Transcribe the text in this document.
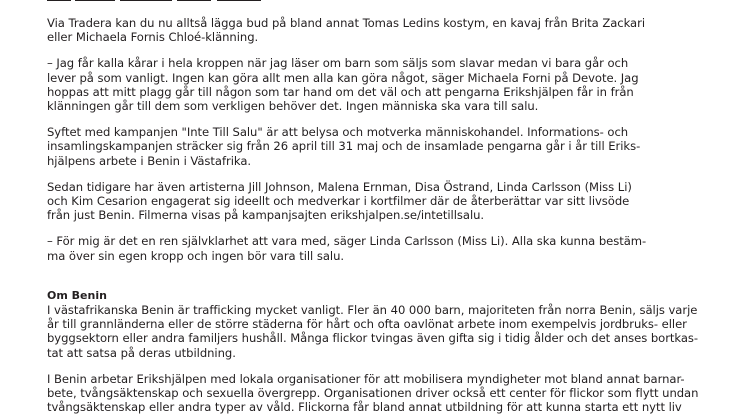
Via Tradera kan du nu alltså lägga bud på bland annat Tomas Ledins kostym, en kavaj från Brita Zackari
eller Michaela Fornis Chloé-klänning.

– Jag får kalla kårar i hela kroppen när jag läser om barn som säljs som slavar medan vi bara går och
lever på som vanligt. Ingen kan göra allt men alla kan göra något, säger Michaela Forni på Devote. Jag
hoppas att mitt plagg går till någon som tar hand om det väl och att pengarna Erikshjälpen får in från
klänningen går till dem som verkligen behöver det. Ingen människa ska vara till salu.

Syftet med kampanjen "Inte Till Salu" är att belysa och motverka människohandel. Informations- och
insamlingskampanjen sträcker sig från 26 april till 31 maj och de insamlade pengarna går i år till Eriks-
hjälpens arbete i Benin i Västafrika.

Sedan tidigare har även artisterna Jill Johnson, Malena Ernman, Disa Östrand, Linda Carlsson (Miss Li)
och Kim Cesarion engagerat sig ideellt och medverkar i kortfilmer där de återberättar var sitt livsöde
från just Benin. Filmerna visas på kampanjsajten erikshjalpen.se/intetillsalu.

– För mig är det en ren självklarhet att vara med, säger Linda Carlsson (Miss Li). Alla ska kunna bestäm-
ma över sin egen kropp och ingen bör vara till salu.

Om Benin

I västafrikanska Benin är trafficking mycket vanligt. Fler än 40 000 barn, majoriteten från norra Benin, säljs varje
år till grannländerna eller de större städerna för hårt och ofta oavlönat arbete inom exempelvis jordbruks- eller
byggsektorn eller andra familjers hushåll. Många flickor tvingas även gifta sig i tidig ålder och det anses bortkas-
tat att satsa på deras utbildning.

I Benin arbetar Erikshjälpen med lokala organisationer för att mobilisera myndigheter mot bland annat barnar-
bete, tvångsäktenskap och sexuella övergrepp. Organisationen driver också ett center för flickor som flytt undan
tvångsäktenskap eller andra typer av våld. Flickorna får bland annat utbildning för att kunna starta ett nytt liv
